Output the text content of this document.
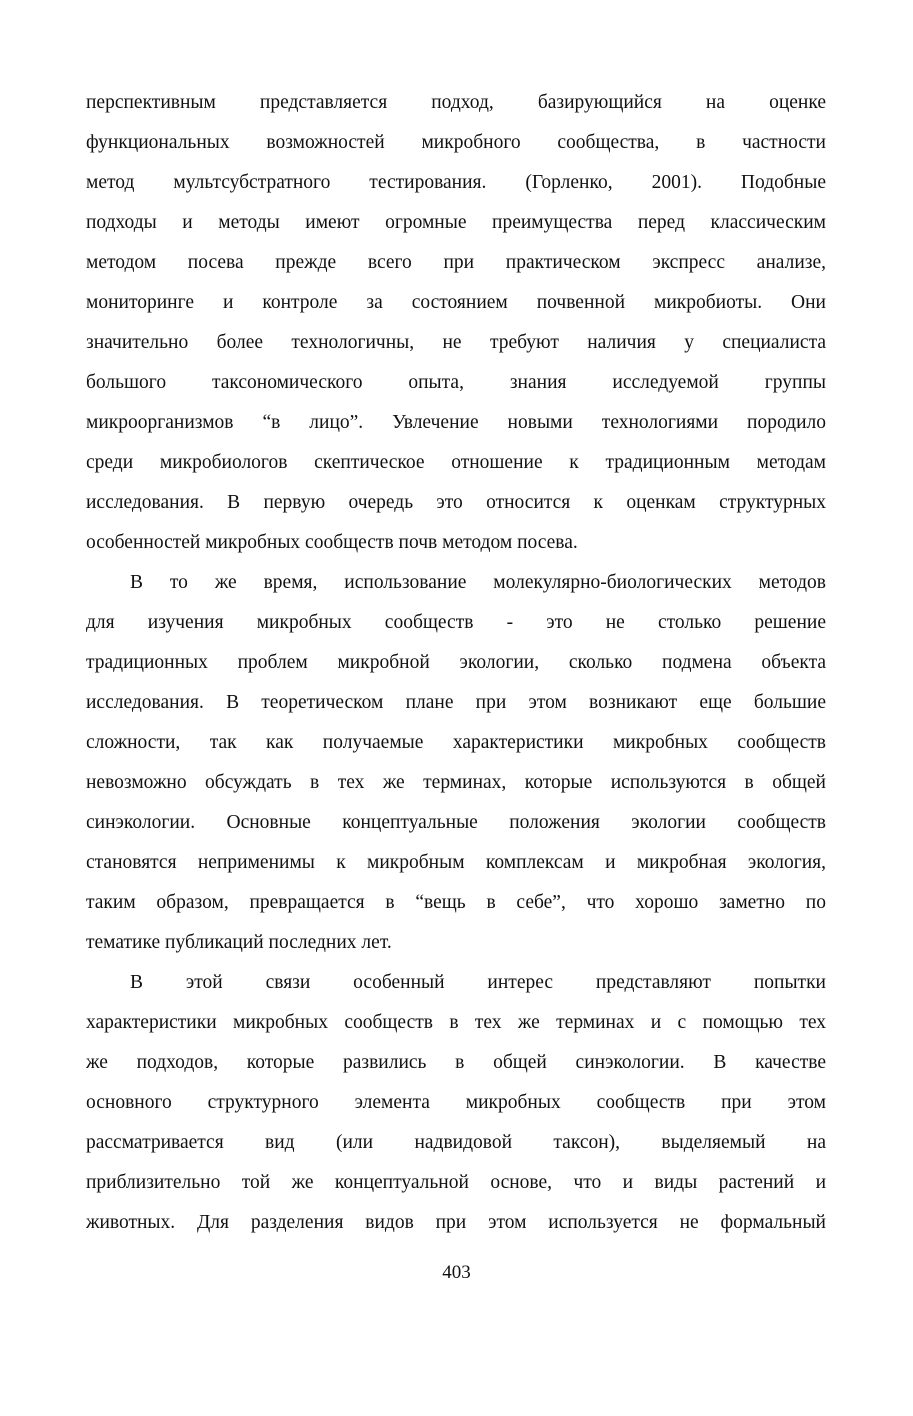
перспективным представляется подход, базирующийся на оценке
функциональных возможностей микробного сообщества, в частности
метод мультсубстратного тестирования. (Горленко, 2001). Подобные
подходы и методы имеют огромные преимущества перед классическим
методом посева прежде всего при практическом экспресс анализе,
мониторинге и контроле за состоянием почвенной микробиоты. Они
значительно более технологичны, не требуют наличия у специалиста
большого таксономического опыта, знания исследуемой группы
микроорганизмов “в лицо”. Увлечение новыми технологиями породило
среди микробиологов скептическое отношение к традиционным методам
исследования. В первую очередь это относится к оценкам структурных
особенностей микробных сообществ почв методом посева.
В то же время, использование молекулярно-биологических методов
для изучения микробных сообществ - это не столько решение
традиционных проблем микробной экологии, сколько подмена объекта
исследования. В теоретическом плане при этом возникают еще большие
сложности, так как получаемые характеристики микробных сообществ
невозможно обсуждать в тех же терминах, которые используются в общей
синэкологии. Основные концептуальные положения экологии сообществ
становятся неприменимы к микробным комплексам и микробная экология,
таким образом, превращается в “вещь в себе”, что хорошо заметно по
тематике публикаций последних лет.
В этой связи особенный интерес представляют попытки
характеристики микробных сообществ в тех же терминах и с помощью тех
же подходов, которые развились в общей синэкологии. В качестве
основного структурного элемента микробных сообществ при этом
рассматривается вид (или надвидовой таксон), выделяемый на
приблизительно той же концептуальной основе, что и виды растений и
животных. Для разделения видов при этом используется не формальный
403
